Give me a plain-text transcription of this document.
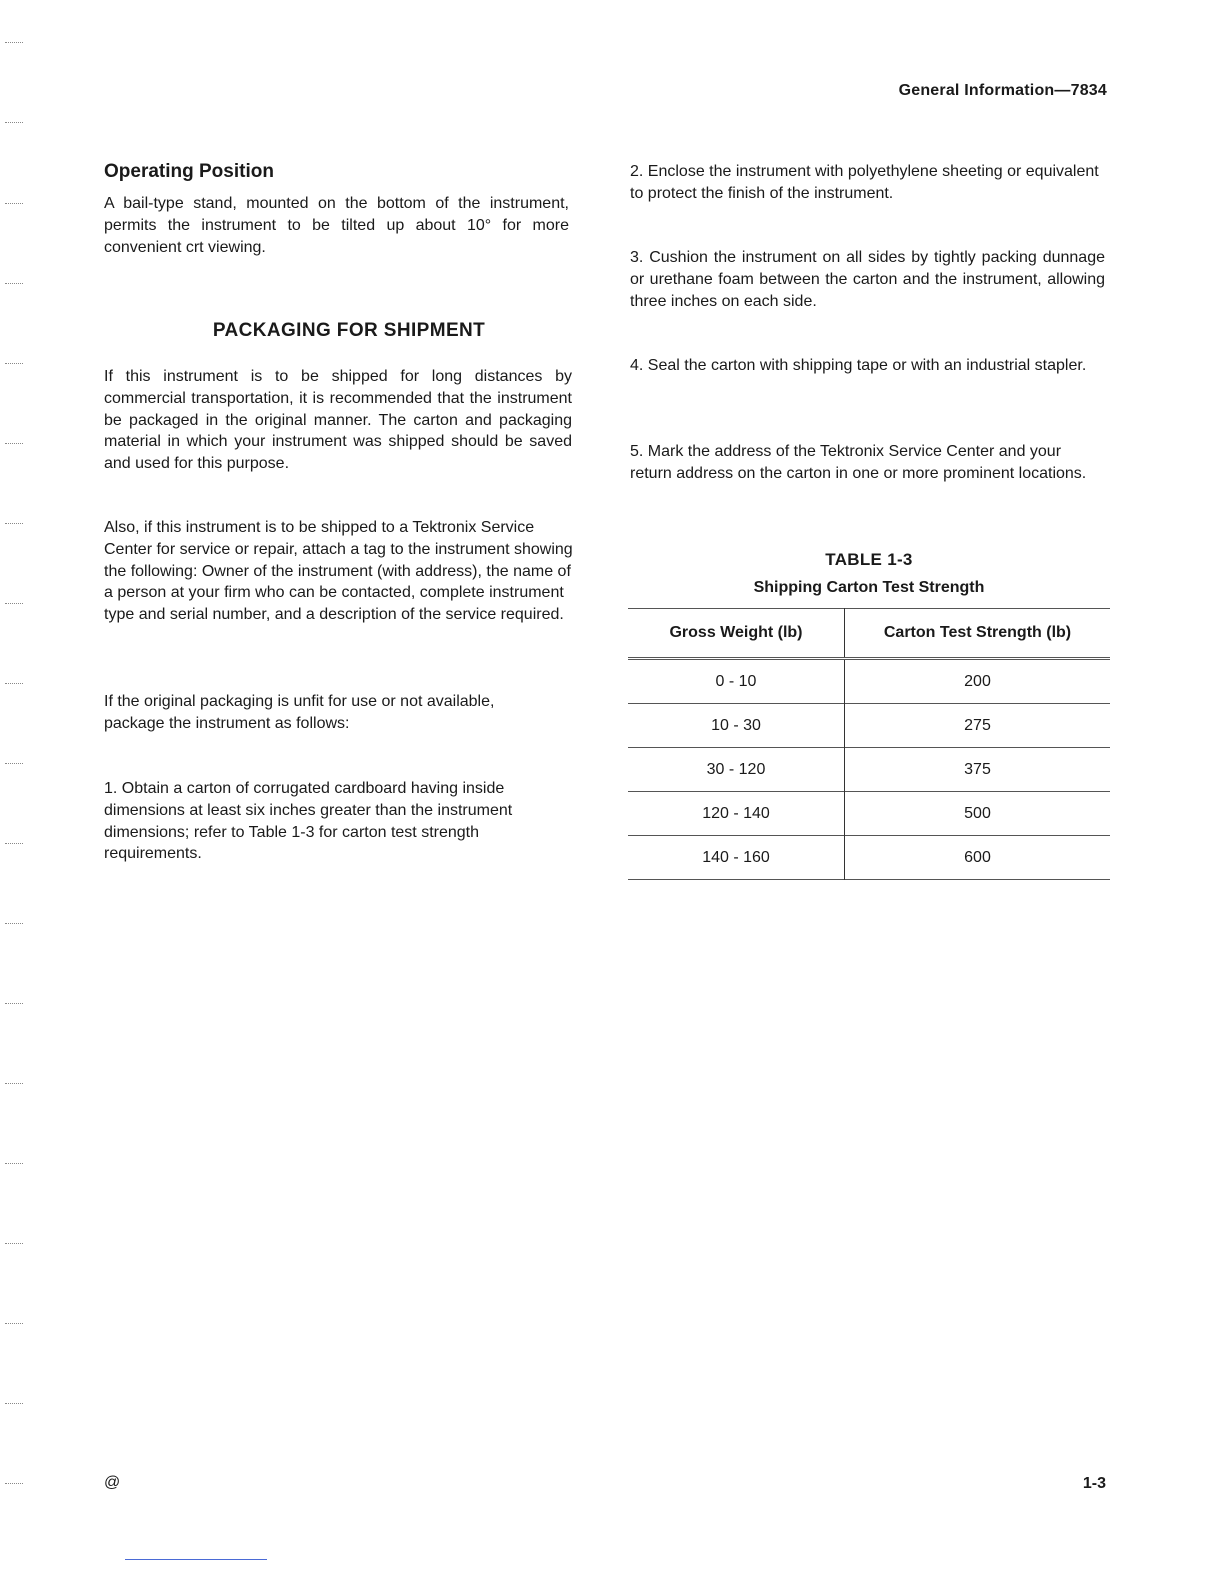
General Information—7834

Operating Position

A bail-type stand, mounted on the bottom of the instrument, permits the instrument to be tilted up about 10° for more convenient crt viewing.

PACKAGING FOR SHIPMENT

If this instrument is to be shipped for long distances by commercial transportation, it is recommended that the instrument be packaged in the original manner. The carton and packaging material in which your instrument was shipped should be saved and used for this purpose.

Also, if this instrument is to be shipped to a Tektronix Service Center for service or repair, attach a tag to the instrument showing the following: Owner of the instrument (with address), the name of a person at your firm who can be contacted, complete instrument type and serial number, and a description of the service required.

If the original packaging is unfit for use or not available, package the instrument as follows:

1. Obtain a carton of corrugated cardboard having inside dimensions at least six inches greater than the instrument dimensions; refer to Table 1-3 for carton test strength requirements.

2. Enclose the instrument with polyethylene sheeting or equivalent to protect the finish of the instrument.

3. Cushion the instrument on all sides by tightly packing dunnage or urethane foam between the carton and the instrument, allowing three inches on each side.

4. Seal the carton with shipping tape or with an industrial stapler.

5. Mark the address of the Tektronix Service Center and your return address on the carton in one or more prominent locations.

TABLE 1-3
Shipping Carton Test Strength
Gross Weight (lb)	Carton Test Strength (lb)
0 - 10	200
10 - 30	275
30 - 120	375
120 - 140	500
140 - 160	600
@	1-3
